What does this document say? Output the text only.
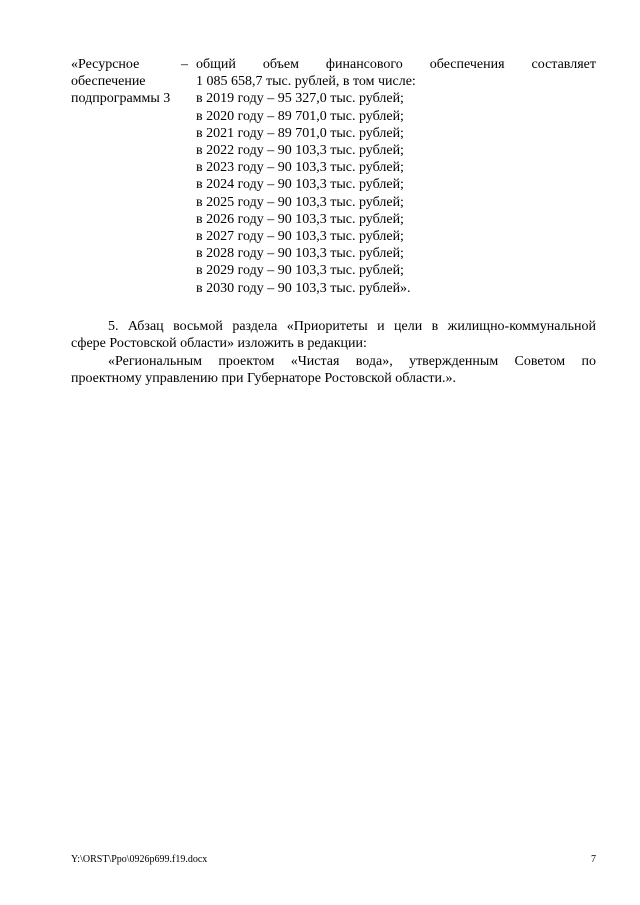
«Ресурсное
обеспечение
подпрограммы 3
– общий объем финансового обеспечения составляет
1 085 658,7 тыс. рублей, в том числе:
в 2019 году – 95 327,0 тыс. рублей;
в 2020 году – 89 701,0 тыс. рублей;
в 2021 году – 89 701,0 тыс. рублей;
в 2022 году – 90 103,3 тыс. рублей;
в 2023 году – 90 103,3 тыс. рублей;
в 2024 году – 90 103,3 тыс. рублей;
в 2025 году – 90 103,3 тыс. рублей;
в 2026 году – 90 103,3 тыс. рублей;
в 2027 году – 90 103,3 тыс. рублей;
в 2028 году – 90 103,3 тыс. рублей;
в 2029 году – 90 103,3 тыс. рублей;
в 2030 году – 90 103,3 тыс. рублей».
5. Абзац восьмой раздела «Приоритеты и цели в жилищно-коммунальной
сфере Ростовской области» изложить в редакции:
«Региональным проектом «Чистая вода», утвержденным Советом по
проектному управлению при Губернаторе Ростовской области.».
Y:\ORST\Ppo\0926p699.f19.docx	7
